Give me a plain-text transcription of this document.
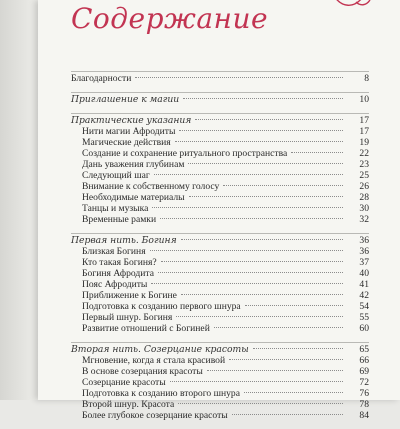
Содержание
Благодарности	8
Приглашение к магии	10
Практические указания	17
Нити магии Афродиты	17
Магические действия	19
Создание и сохранение ритуального пространства	22
Дань уважения глубинам	23
Следующий шаг	25
Внимание к собственному голосу	26
Необходимые материалы	28
Танцы и музыка	30
Временные рамки	32
Первая нить. Богиня	36
Близкая Богиня	36
Кто такая Богиня?	37
Богиня Афродита	40
Пояс Афродиты	41
Приближение к Богине	42
Подготовка к созданию первого шнура	54
Первый шнур. Богиня	55
Развитие отношений с Богиней	60
Вторая нить. Созерцание красоты	65
Мгновение, когда я стала красивой	66
В основе созерцания красоты	69
Созерцание красоты	72
Подготовка к созданию второго шнура	76
Второй шнур. Красота	78
Более глубокое созерцание красоты	84
